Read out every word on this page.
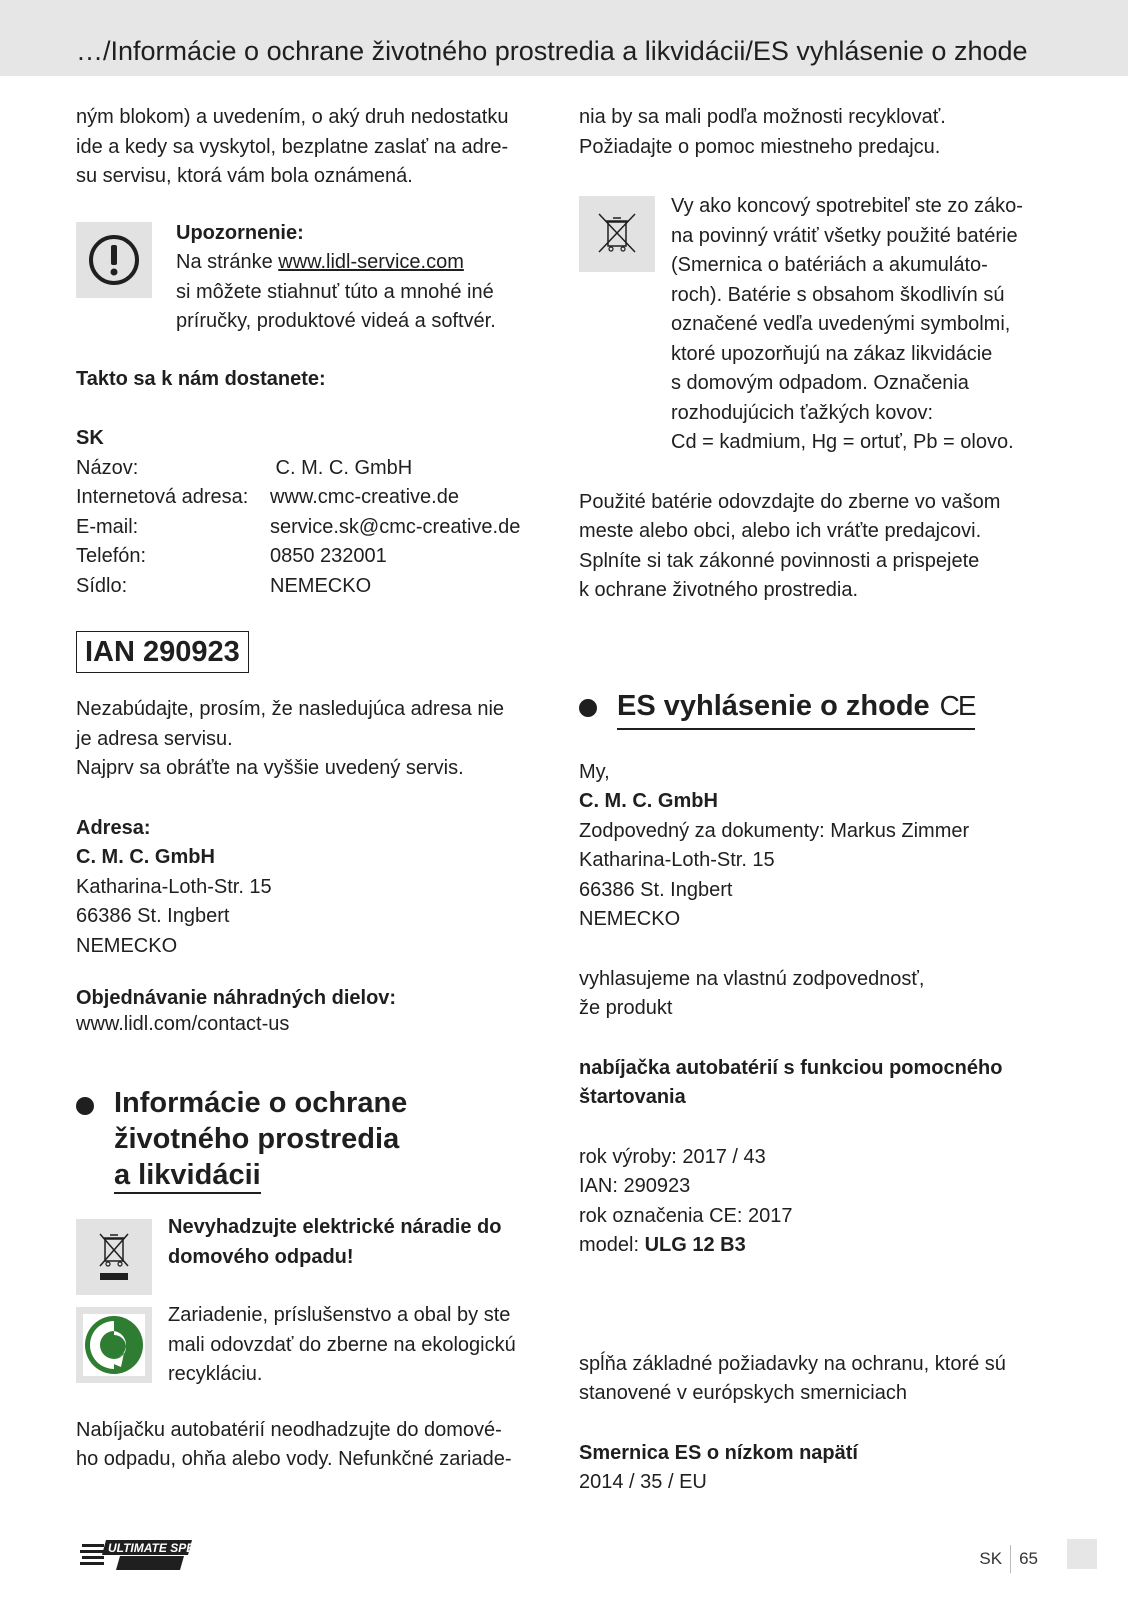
…/Informácie o ochrane životného prostredia a likvidácii/ES vyhlásenie o zhode

ným blokom) a uvedením, o aký druh nedostatku

ide a kedy sa vyskytol, bezplatne zaslať na adre-

su servisu, ktorá vám bola oznámená.

Upozornenie:

Na stránke www.lidl-service.com

si môžete stiahnuť túto a mnohé iné

príručky, produktové videá a softvér.

Takto sa k nám dostanete:

SK

Názov:	C. M. C. GmbH
Internetová adresa:	www.cmc-creative.de
E-mail:	service.sk@cmc-creative.de
Telefón:	0850 232001
Sídlo:	NEMECKO
IAN 290923

Nezabúdajte, prosím, že nasledujúca adresa nie

je adresa servisu.

Najprv sa obráťte na vyššie uvedený servis.

Adresa:

C. M. C. GmbH

Katharina-Loth-Str. 15

66386 St. Ingbert

NEMECKO

Objednávanie náhradných dielov:

www.lidl.com/contact-us

Informácie o ochrane
životného prostredia
a likvidácii

Nevyhadzujte elektrické náradie do

domového odpadu!

Zariadenie, príslušenstvo a obal by ste

mali odovzdať do zberne na ekologickú

recykláciu.

Nabíjačku autobatérií neodhadzujte do domové-

ho odpadu, ohňa alebo vody. Nefunkčné zariade-

nia by sa mali podľa možnosti recyklovať.

Požiadajte o pomoc miestneho predajcu.

Vy ako koncový spotrebiteľ ste zo záko-

na povinný vrátiť všetky použité batérie

(Smernica o batériách a akumuláto-

roch). Batérie s obsahom škodlivín sú

označené vedľa uvedenými symbolmi,

ktoré upozorňujú na zákaz likvidácie

s domovým odpadom. Označenia

rozhodujúcich ťažkých kovov:

Cd = kadmium, Hg = ortuť, Pb = olovo.

Použité batérie odovzdajte do zberne vo vašom

meste alebo obci, alebo ich vráťte predajcovi.

Splníte si tak zákonné povinnosti a prispejete

k ochrane životného prostredia.

ES vyhlásenie o zhode CE

My,

C. M. C. GmbH

Zodpovedný za dokumenty: Markus Zimmer

Katharina-Loth-Str. 15

66386 St. Ingbert

NEMECKO

vyhlasujeme na vlastnú zodpovednosť,

že produkt

nabíjačka autobatérií s funkciou pomocného

štartovania

rok výroby: 2017 / 43

IAN: 290923

rok označenia CE: 2017

model: ULG 12 B3

spĺňa základné požiadavky na ochranu, ktoré sú

stanovené v európskych smerniciach

Smernica ES o nízkom napätí

2014 / 35 / EU

ULTIMATE SPEED
SK 65
